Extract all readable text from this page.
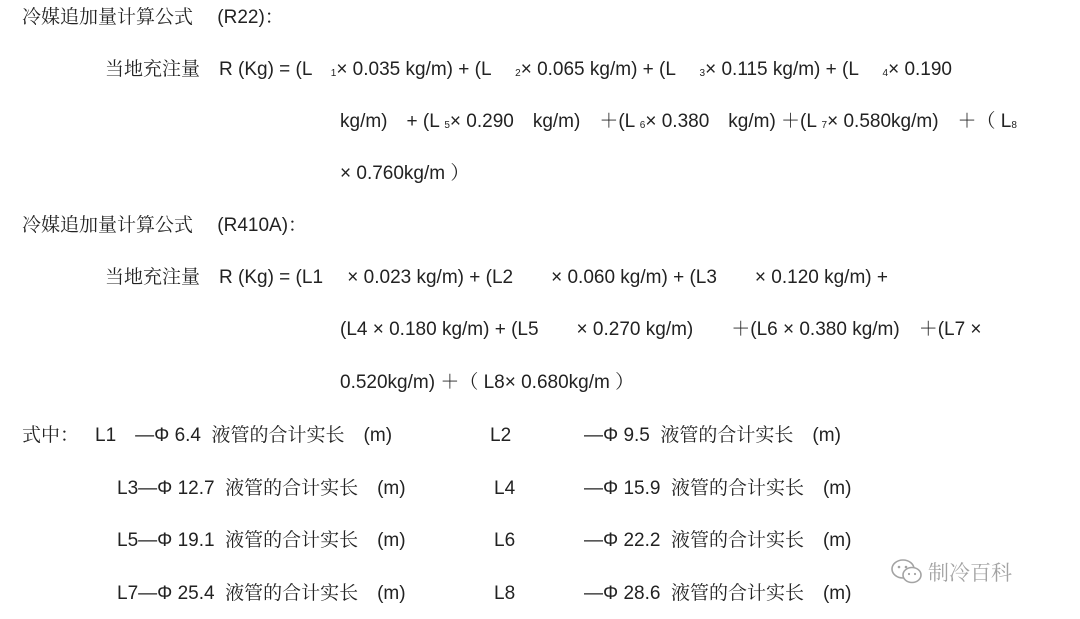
冷媒追加量计算公式　 (R22)：
当地充注量　R (Kg) = (L　1× 0.035 kg/m) + (L　 2× 0.065 kg/m) + (L　 3× 0.115 kg/m) + (L　 4× 0.190
kg/m)　+ (L 5× 0.290　kg/m)　＋(L 6× 0.380　kg/m) ＋(L 7× 0.580kg/m)　＋（ L8
× 0.760kg/m ）
冷媒追加量计算公式　 (R410A)：
当地充注量　R (Kg) = (L1　 × 0.023 kg/m) + (L2　　× 0.060 kg/m) + (L3　　× 0.120 kg/m) +
(L4 × 0.180 kg/m) + (L5　　× 0.270 kg/m)　　＋(L6 × 0.380 kg/m)　＋(L7 ×
0.520kg/m) ＋（ L8× 0.680kg/m ）
式中： L1　—Φ 6.4  液管的合计实长　(m)	L2	—Φ 9.5  液管的合计实长　(m)
L3—Φ 12.7  液管的合计实长　(m)	L4	—Φ 15.9  液管的合计实长　(m)
L5—Φ 19.1  液管的合计实长　(m)	L6	—Φ 22.2  液管的合计实长　(m)
L7—Φ 25.4  液管的合计实长　(m)	L8	—Φ 28.6  液管的合计实长　(m)
制冷百科
